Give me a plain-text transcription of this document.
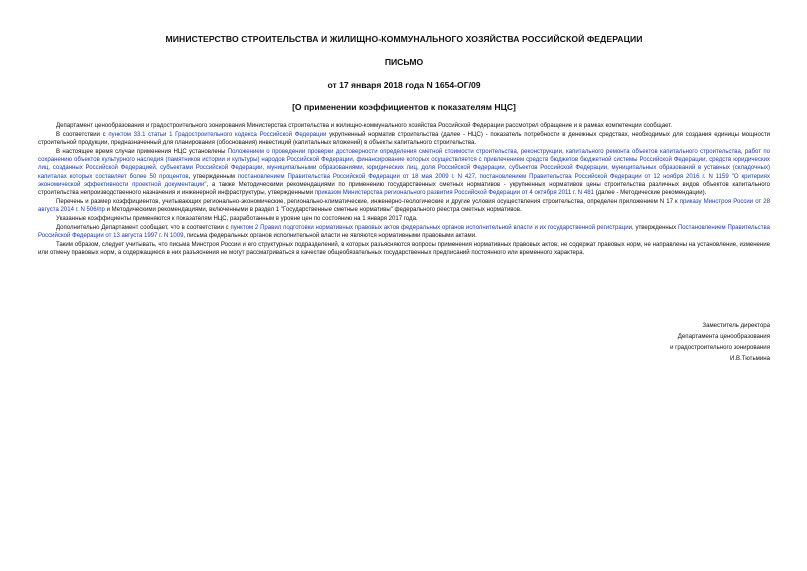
МИНИСТЕРСТВО СТРОИТЕЛЬСТВА И ЖИЛИЩНО-КОММУНАЛЬНОГО ХОЗЯЙСТВА РОССИЙСКОЙ ФЕДЕРАЦИИ
ПИСЬМО
от 17 января 2018 года N 1654-ОГ/09
[О применении коэффициентов к показателям НЦС]

Департамент ценообразования и градостроительного зонирования Министерства строительства и жилищно-коммунального хозяйства Российской Федерации рассмотрел обращение и в рамках компетенции сообщает.

В соответствии с пунктом 33.1 статьи 1 Градостроительного кодекса Российской Федерации укрупненный норматив строительства (далее - НЦС) - показатель потребности в денежных средствах, необходимых для создания единицы мощности строительной продукции, предназначенный для планирования (обоснования) инвестиций (капитальных вложений) в объекты капитального строительства.

В настоящее время случаи применения НЦС установлены Положением о проведении проверки достоверности определения сметной стоимости строительства, реконструкции, капитального ремонта объектов капитального строительства, работ по сохранению объектов культурного наследия (памятников истории и культуры) народов Российской Федерации, финансирование которых осуществляется с привлечением средств бюджетов бюджетной системы Российской Федерации, средств юридических лиц, созданных Российской Федерацией, субъектами Российской Федерации, муниципальными образованиями, юридических лиц, доля Российской Федерации, субъектов Российской Федерации, муниципальных образований в уставных (складочных) капиталах которых составляет более 50 процентов, утвержденным постановлением Правительства Российской Федерации от 18 мая 2009 г. N 427, постановлением Правительства Российской Федерации от 12 ноября 2016 г. N 1159 "О критериях экономической эффективности проектной документации", а также Методическими рекомендациями по применению государственных сметных нормативов - укрупненных нормативов цены строительства различных видов объектов капитального строительства непроизводственного назначения и инженерной инфраструктуры, утвержденными приказом Министерства регионального развития Российской Федерации от 4 октября 2011 г. N 481 (далее - Методические рекомендации).

Перечень и размер коэффициентов, учитывающих регионально-экономические, регионально-климатические, инженерно-геологические и другие условия осуществления строительства, определен приложением N 17 к приказу Минстроя России от 28 августа 2014 г. N 506/пр и Методическими рекомендациями, включенными в раздел 1 "Государственные сметные нормативы" федерального реестра сметных нормативов.

Указанные коэффициенты применяются к показателям НЦС, разработанным в уровне цен по состоянию на 1 января 2017 года.

Дополнительно Департамент сообщает, что в соответствии с пунктом 2 Правил подготовки нормативных правовых актов федеральных органов исполнительной власти и их государственной регистрации, утвержденных Постановлением Правительства Российской Федерации от 13 августа 1997 г. N 1009, письма федеральных органов исполнительной власти не являются нормативными правовыми актами.

Таким образом, следует учитывать, что письма Минстроя России и его структурных подразделений, в которых разъясняются вопросы применения нормативных правовых актов, не содержат правовых норм, не направлены на установление, изменение или отмену правовых норм, а содержащиеся в них разъяснения не могут рассматриваться в качестве общеобязательных государственных предписаний постоянного или временного характера.

Заместитель директора
Департамента ценообразования
и градостроительного зонирования
И.В.Тютьмина
